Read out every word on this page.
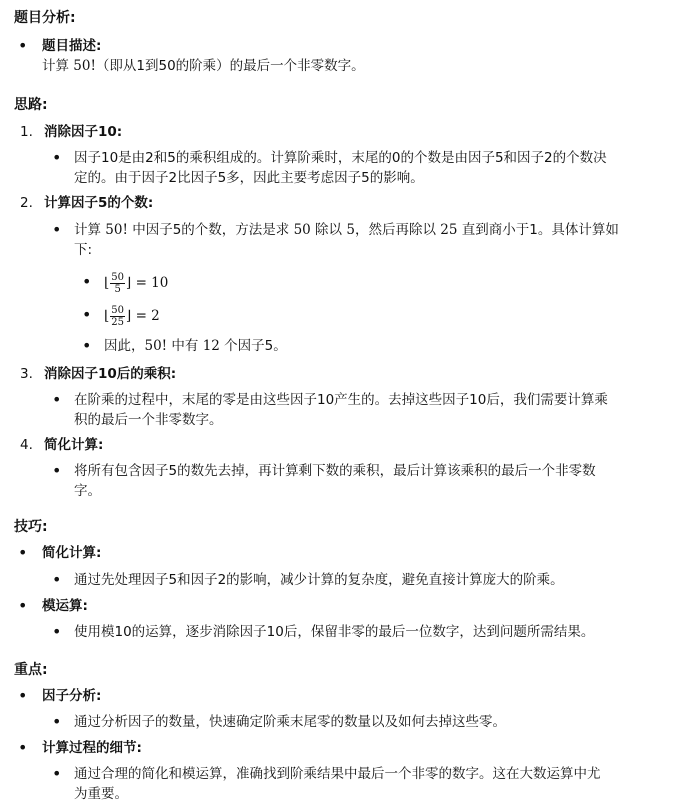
题目分析:
• 题目描述:
计算 50!（即从1到50的阶乘）的最后一个非零数字。
思路:
1. 消除因子10:
• 因子10是由2和5的乘积组成的。计算阶乘时，末尾的0的个数是由因子5和因子2的个数决
定的。由于因子2比因子5多，因此主要考虑因子5的影响。
2. 计算因子5的个数:
• 计算 50! 中因子5的个数，方法是求 50 除以 5，然后再除以 25 直到商小于1。具体计算如
下:
• ⌊ $\frac{50}{5}$ ⌋ = 10
• ⌊ $\frac{50}{25}$ ⌋ = 2
• 因此，50! 中有 12 个因子5。
3. 消除因子10后的乘积:
• 在阶乘的过程中，末尾的零是由这些因子10产生的。去掉这些因子10后，我们需要计算乘
积的最后一个非零数字。
4. 简化计算:
• 将所有包含因子5的数先去掉，再计算剩下数的乘积，最后计算该乘积的最后一个非零数
字。
技巧:
• 简化计算:
• 通过先处理因子5和因子2的影响，减少计算的复杂度，避免直接计算庞大的阶乘。
• 模运算:
• 使用模10的运算，逐步消除因子10后，保留非零的最后一位数字，达到问题所需结果。
重点:
• 因子分析:
• 通过分析因子的数量，快速确定阶乘末尾零的数量以及如何去掉这些零。
• 计算过程的细节:
• 通过合理的简化和模运算，准确找到阶乘结果中最后一个非零的数字。这在大数运算中尤
为重要。
